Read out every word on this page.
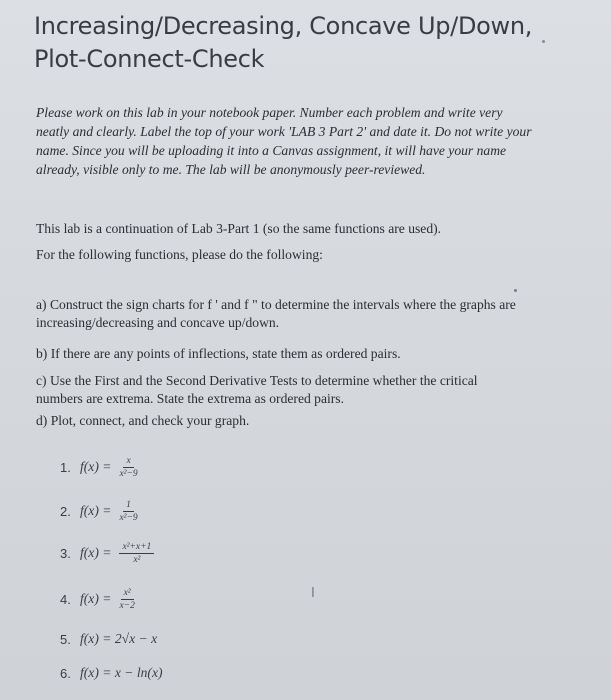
Increasing/Decreasing, Concave Up/Down,
Plot-Connect-Check
Please work on this lab in your notebook paper. Number each problem and write very
neatly and clearly. Label the top of your work 'LAB 3 Part 2' and date it. Do not write your
name. Since you will be uploading it into a Canvas assignment, it will have your name
already, visible only to me. The lab will be anonymously peer-reviewed.
This lab is a continuation of Lab 3-Part 1 (so the same functions are used).
For the following functions, please do the following:
a) Construct the sign charts for f ' and f " to determine the intervals where the graphs are
increasing/decreasing and concave up/down.
b) If there are any points of inflections, state them as ordered pairs.
c) Use the First and the Second Derivative Tests to determine whether the critical
numbers are extrema. State the extrema as ordered pairs.
d) Plot, connect, and check your graph.
1. $f(x) = \frac{x}{\text{x²−9}}$
2. $f(x) = \frac{1}{\text{x²−9}}$
3. $f(x) = \frac{\text{x²+x+1}}{\text{x²}}$
4. $f(x) = \frac{\text{x²}}{x-2}$
5. f(x) = 2√x − x
6. f(x) = x − ln(x)
I
